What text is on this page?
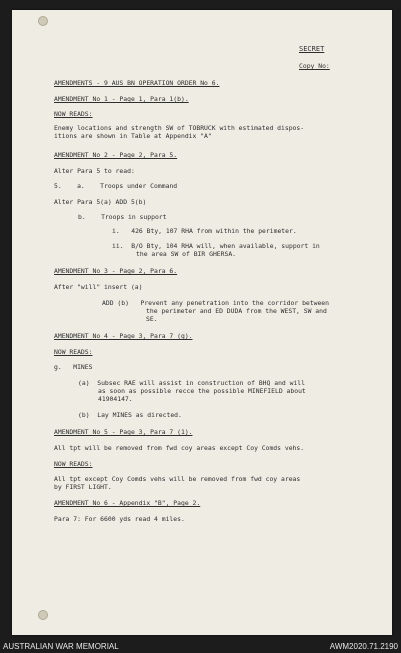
SECRET
Copy No:
AMENDMENTS - 9 AUS BN OPERATION ORDER No 6.
AMENDMENT No 1 - Page 1, Para 1(b).
NOW READS:
Enemy locations and strength SW of TOBRUCK with estimated dispos-
itions are shown in Table at Appendix "A"
AMENDMENT No 2 - Page 2, Para 5.
Alter Para 5 to read:
5.    a.    Troops under Command
Alter Para 5(a) ADD 5(b)
b.    Troops in support
i.   426 Bty, 107 RHA from within the perimeter.
ii.  B/O Bty, 104 RHA will, when available, support in
the area SW of BIR GHERSA.
AMENDMENT No 3 - Page 2, Para 6.
After "will" insert (a)
ADD (b)   Prevent any penetration into the corridor between
the perimeter and ED DUDA from the WEST, SW and
SE.
AMENDMENT No 4 - Page 3, Para 7 (g).
NOW READS:
g.   MINES
(a)  Subsec RAE will assist in construction of BHQ and will
as soon as possible recce the possible MINEFIELD about
41904147.
(b)  Lay MINES as directed.
AMENDMENT No 5 - Page 3, Para 7 (1).
All tpt will be removed from fwd coy areas except Coy Comds vehs.
NOW READS:
All tpt except Coy Comds vehs will be removed from fwd coy areas
by FIRST LIGHT.
AMENDMENT No 6 - Appendix "B", Page 2.
Para 7: For 6600 yds read 4 miles.
AUSTRALIAN WAR MEMORIAL	AWM2020.71.2190
